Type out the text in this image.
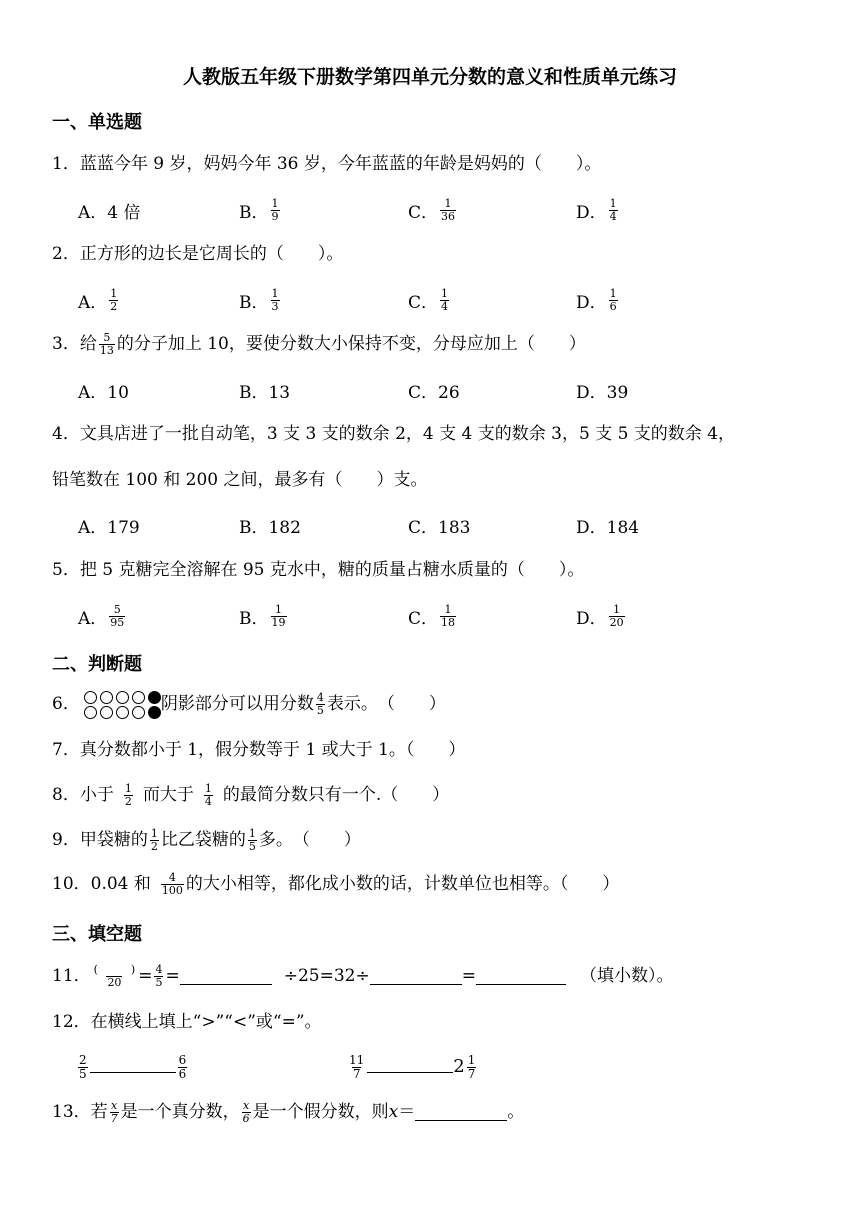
人教版五年级下册数学第四单元分数的意义和性质单元练习
一、单选题
1．蓝蓝今年 9 岁，妈妈今年 36 岁，今年蓝蓝的年龄是妈妈的（　　）。
A．4 倍	B． $\frac{1}{9}$	C． $\frac{1}{36}$	D． $\frac{1}{4}$
2．正方形的边长是它周长的（　　）。
A． $\frac{1}{2}$	B． $\frac{1}{3}$	C． $\frac{1}{4}$	D． $\frac{1}{6}$
3．给 $\frac{5}{13}$ 的分子加上 10，要使分数大小保持不变，分母应加上（　　）
A．10	B．13	C．26	D．39
4．文具店进了一批自动笔，3 支 3 支的数余 2，4 支 4 支的数余 3，5 支 5 支的数余 4，
铅笔数在 100 和 200 之间，最多有（　　）支。
A．179	B．182	C．183	D．184
5．把 5 克糖完全溶解在 95 克水中，糖的质量占糖水质量的（　　）。
A． $\frac{5}{95}$	B． $\frac{1}{19}$	C． $\frac{1}{18}$	D． $\frac{1}{20}$
二、判断题
6．	阴影部分可以用分数 $\frac{4}{5}$ 表示。　（　　）
7．真分数都小于 1，假分数等于 1 或大于 1。（　　）
8．小于 $\frac{1}{2}$ 而大于 $\frac{1}{4}$ 的最简分数只有一个.（　　）
9．甲袋糖的 $\frac{1}{2}$ 比乙袋糖的 $\frac{1}{5}$ 多。　（　　）
10．0.04 和 $\frac{4}{100}$ 的大小相等，都化成小数的话，计数单位也相等。（　　）
三、填空题
11． $\frac{( )}{20} = \frac{4}{5}$ =	÷25=32÷	=	（填小数）。
12．在横线上填上“>”“<”或“=”。
$\frac{2}{5}$	$\frac{6}{6}$	$\frac{11}{7}$	$2 \frac{1}{7}$
13．若 $\frac{x}{7}$ 是一个真分数， $\frac{x}{6}$ 是一个假分数，则x＝	。
